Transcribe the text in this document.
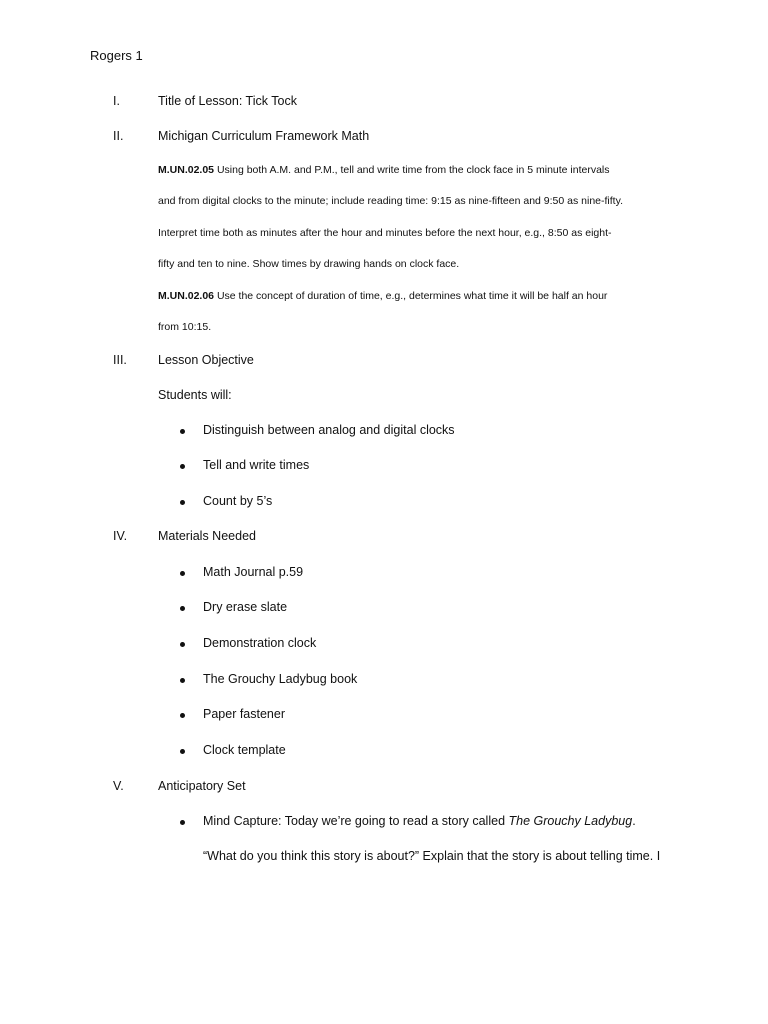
Rogers 1
I.	Title of Lesson: Tick Tock
II.	Michigan Curriculum Framework Math
M.UN.02.05 Using both A.M. and P.M., tell and write time from the clock face in 5 minute intervals
and from digital clocks to the minute; include reading time: 9:15 as nine-fifteen and 9:50 as nine-fifty.
Interpret time both as minutes after the hour and minutes before the next hour, e.g., 8:50 as eight-
fifty and ten to nine. Show times by drawing hands on clock face.
M.UN.02.06 Use the concept of duration of time, e.g., determines what time it will be half an hour
from 10:15.
III. Lesson Objective
Students will:
Distinguish between analog and digital clocks
Tell and write times
Count by 5’s
IV. Materials Needed
Math Journal p.59
Dry erase slate
Demonstration clock
The Grouchy Ladybug book
Paper fastener
Clock template
V.	Anticipatory Set
Mind Capture: Today we’re going to read a story called The Grouchy Ladybug.
“What do you think this story is about?” Explain that the story is about telling time. I
